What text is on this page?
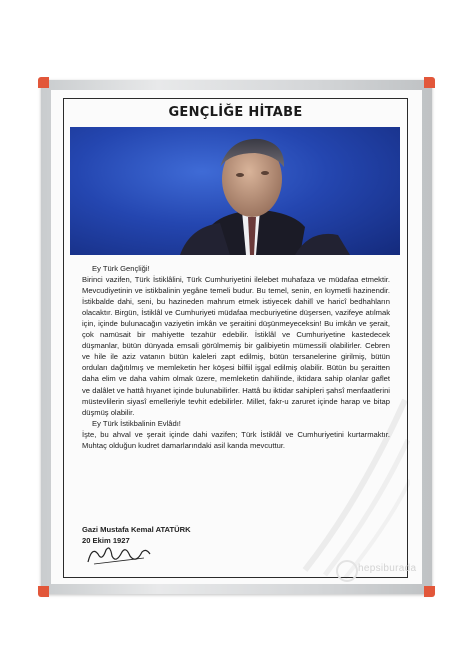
GENÇLİĞE HİTABE

Ey Türk Gençliği!

Birinci vazifen, Türk İstiklâlini, Türk Cumhuriyetini ilelebet muhafaza ve müdafaa etmektir. Mevcudiyetinin ve istikbalinin yegâne temeli budur. Bu temel, senin, en kıymetli hazinendir. İstikbalde dahi, seni, bu hazineden mahrum etmek istiyecek dahilî ve haricî bedhahların olacaktır. Birgün, İstiklâl ve Cumhuriyeti müdafaa mecburiyetine düşersen, vazifeye atılmak için, içinde bulunacağın vaziyetin imkân ve şeraitini düşünmeyeceksin! Bu imkân ve şerait, çok namüsait bir mahiyette tezahür edebilir. İstiklâl ve Cumhuriyetine kastedecek düşmanlar, bütün dünyada emsali görülmemiş bir galibiyetin mümessili olabilirler. Cebren ve hile ile aziz vatanın bütün kaleleri zapt edilmiş, bütün tersanelerine girilmiş, bütün orduları dağıtılmış ve memleketin her köşesi bilfiil işgal edilmiş olabilir. Bütün bu şeraitten daha elim ve daha vahim olmak üzere, memleketin dahilinde, iktidara sahip olanlar gaflet ve dalâlet ve hattâ hıyanet içinde bulunabilirler. Hattâ bu iktidar sahipleri şahsî menfaatlerini müstevlilerin siyasî emelleriyle tevhit edebilirler. Millet, fakr-u zaruret içinde harap ve bitap düşmüş olabilir.

Ey Türk İstikbalinin Evlâdı!

İşte, bu ahval ve şerait içinde dahi vazifen; Türk İstiklâl ve Cumhuriyetini kurtarmaktır. Muhtaç olduğun kudret damarlarındaki asil kanda mevcuttur.

Gazi Mustafa Kemal ATATÜRK
20 Ekim 1927
hepsiburada
